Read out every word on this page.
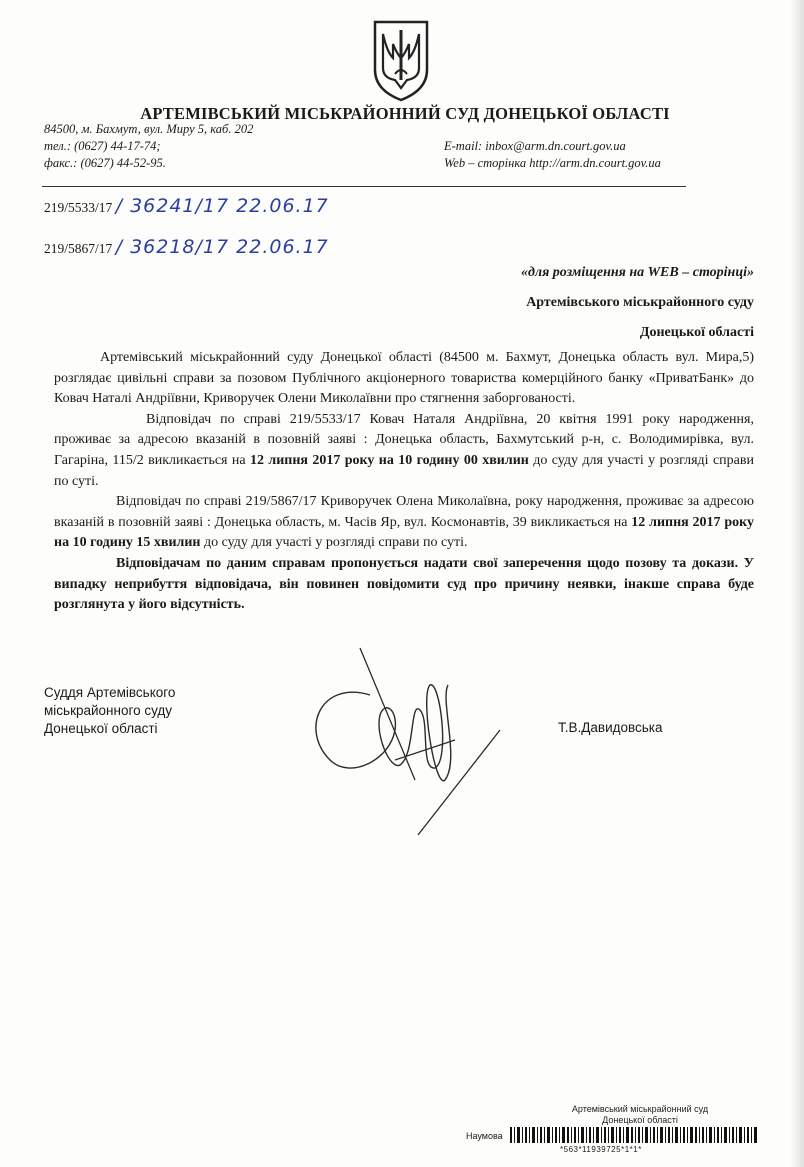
АРТЕМІВСЬКИЙ МІСЬКРАЙОННИЙ СУД ДОНЕЦЬКОЇ ОБЛАСТІ
84500, м. Бахмут, вул. Миру 5, каб. 202
тел.: (0627) 44-17-74;
факс.: (0627) 44-52-95.
E-mail: inbox@arm.dn.court.gov.ua
Web – сторінка http://arm.dn.court.gov.ua
219/5533/17 / 36241/17 22.06.17
219/5867/17 / 36218/17 22.06.17
«для розміщення на WEB – сторінці»
Артемівського міськрайонного суду
Донецької області

Артемівський міськрайонний суду Донецької області (84500 м. Бахмут, Донецька область вул. Мира,5) розглядає цивільні справи за позовом Публічного акціонерного товариства комерційного банку «ПриватБанк» до Ковач Наталі Андріївни, Криворучек Олени Миколаївни про стягнення заборгованості.

Відповідач по справі 219/5533/17 Ковач Наталя Андріївна, 20 квітня 1991 року народження, проживає за адресою вказаній в позовній заяві : Донецька область, Бахмутський р-н, с. Володимирівка, вул. Гагаріна, 115/2 викликається на 12 липня 2017 року на 10 годину 00 хвилин до суду для участі у розгляді справи по суті.

Відповідач по справі 219/5867/17 Криворучек Олена Миколаївна, року народження, проживає за адресою вказаній в позовній заяві : Донецька область, м. Часів Яр, вул. Космонавтів, 39 викликається на 12 липня 2017 року на 10 годину 15 хвилин до суду для участі у розгляді справи по суті.

Відповідачам по даним справам пропонується надати свої заперечення щодо позову та докази. У випадку неприбуття відповідача, він повинен повідомити суд про причину неявки, інакше справа буде розглянута у його відсутність.

Суддя Артемівського
міськрайонного суду
Донецької області	Т.В.Давидовська
Артемівський міськрайонний суд
Донецької області
Наумова
*563*11939725*1*1*
